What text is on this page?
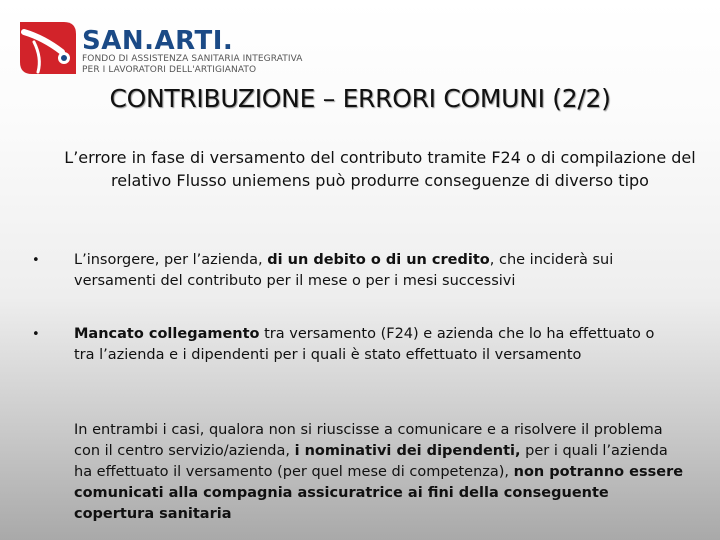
SAN.ARTI.
FONDO DI ASSISTENZA SANITARIA INTEGRATIVA
PER I LAVORATORI DELL'ARTIGIANATO
CONTRIBUZIONE – ERRORI COMUNI (2/2)
L’errore in fase di versamento del contributo tramite F24 o di compilazione del relativo Flusso uniemens può produrre conseguenze di diverso tipo
• L’insorgere, per l’azienda, di un debito o di un credito, che inciderà sui versamenti del contributo per il mese o per i mesi successivi
• Mancato collegamento tra versamento (F24) e azienda che lo ha effettuato o tra l’azienda e i dipendenti per i quali è stato effettuato il versamento
In entrambi i casi, qualora non si riuscisse a comunicare e a risolvere il problema con il centro servizio/azienda, i nominativi dei dipendenti, per i quali l’azienda ha effettuato il versamento (per quel mese di competenza), non potranno essere comunicati alla compagnia assicuratrice ai fini della conseguente copertura sanitaria
